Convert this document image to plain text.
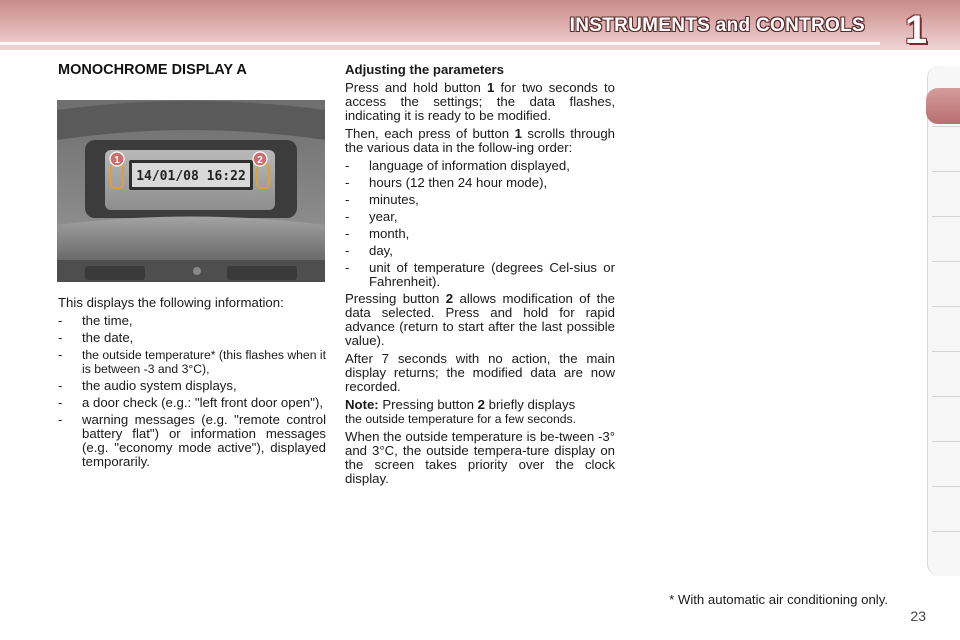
INSTRUMENTS and CONTROLS 1
MONOCHROME DISPLAY A
14/01/08 16:22
1	2

This displays the following information:

-	the time,
-	the date,
-	the outside temperature* (this flashes when it is between -3 and 3°C),
-	the audio system displays,
-	a door check (e.g.: "left front door open"),
-	warning messages (e.g. "remote control battery flat") or information messages (e.g. "economy mode active"), displayed temporarily.
Adjusting the parameters

Press and hold button 1 for two seconds to access the settings; the data flashes, indicating it is ready to be modified.

Then, each press of button 1 scrolls through the various data in the follow-ing order:

-	language of information displayed,
-	hours (12 then 24 hour mode),
-	minutes,
-	year,
-	month,
-	day,
-	unit of temperature (degrees Cel-sius or Fahrenheit).

Pressing button 2 allows modification of the data selected. Press and hold for rapid advance (return to start after the last possible value).

After 7 seconds with no action, the main display returns; the modified data are now recorded.

Note: Pressing button 2 briefly displays
the outside temperature for a few seconds.

When the outside temperature is be-tween -3° and 3°C, the outside tempera-ture display on the screen takes priority over the clock display.

* With automatic air conditioning only.
23
